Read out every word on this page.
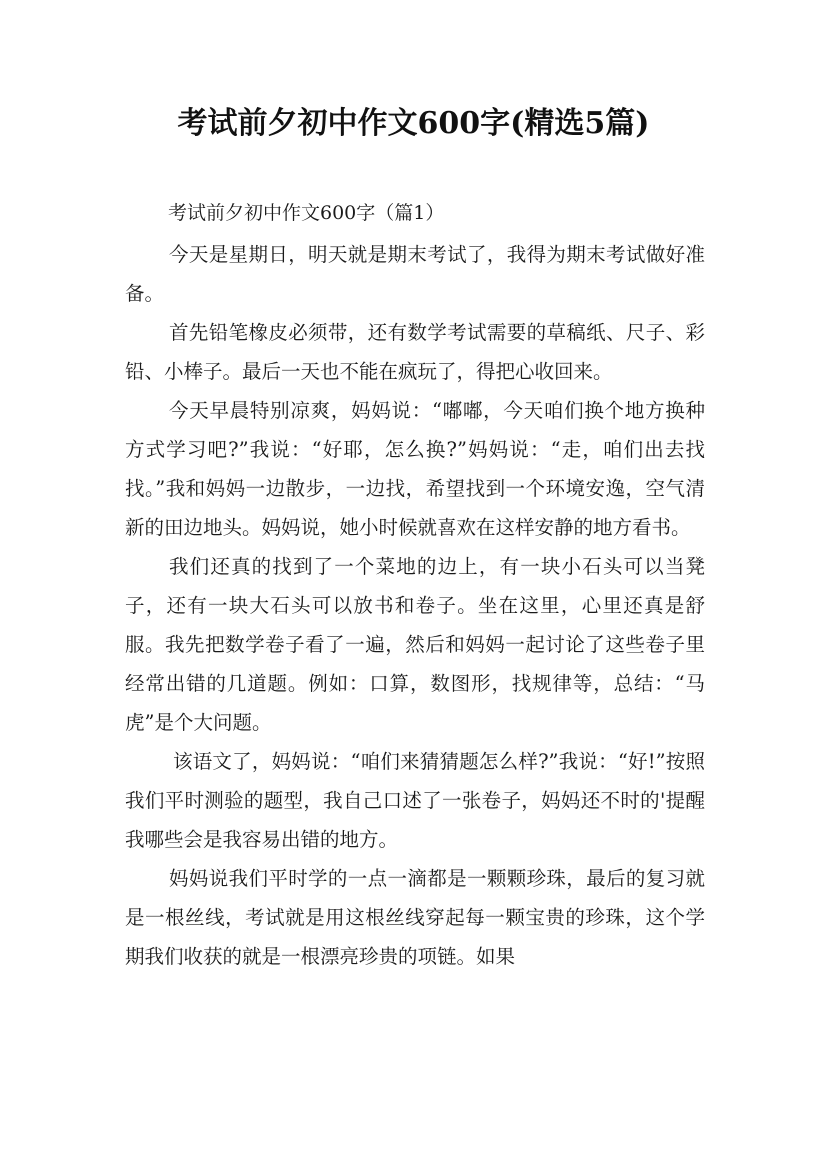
考试前夕初中作文600字(精选5篇)
考试前夕初中作文600字（篇1）

今天是星期日，明天就是期末考试了，我得为期末考试做好准备。

首先铅笔橡皮必须带，还有数学考试需要的草稿纸、尺子、彩铅、小棒子。最后一天也不能在疯玩了，得把心收回来。

今天早晨特别凉爽，妈妈说：“嘟嘟，今天咱们换个地方换种方式学习吧?”我说：“好耶，怎么换?”妈妈说：“走，咱们出去找找。”我和妈妈一边散步，一边找，希望找到一个环境安逸，空气清新的田边地头。妈妈说，她小时候就喜欢在这样安静的地方看书。

我们还真的找到了一个菜地的边上，有一块小石头可以当凳子，还有一块大石头可以放书和卷子。坐在这里，心里还真是舒服。我先把数学卷子看了一遍，然后和妈妈一起讨论了这些卷子里经常出错的几道题。例如：口算，数图形，找规律等，总结：“马虎”是个大问题。

该语文了，妈妈说：“咱们来猜猜题怎么样?”我说：“好!”按照我们平时测验的题型，我自己口述了一张卷子，妈妈还不时的'提醒我哪些会是我容易出错的地方。

妈妈说我们平时学的一点一滴都是一颗颗珍珠，最后的复习就是一根丝线，考试就是用这根丝线穿起每一颗宝贵的珍珠，这个学期我们收获的就是一根漂亮珍贵的项链。如果
